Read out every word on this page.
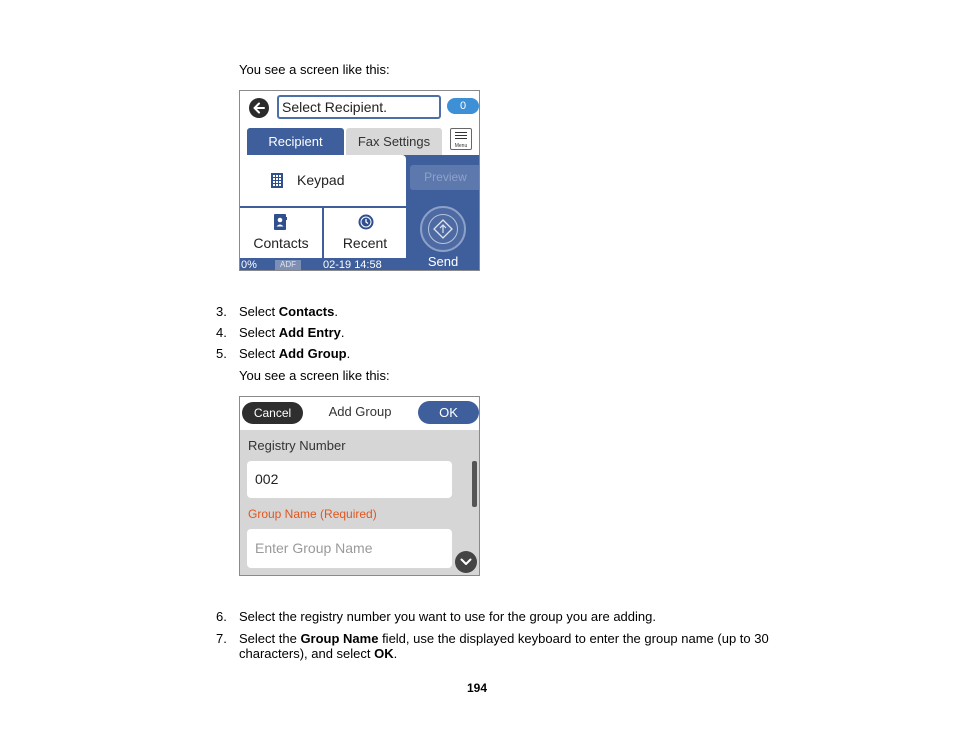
You see a screen like this:
Select Recipient.	0
Recipient	Fax Settings	Menu
Keypad
Contacts	Recent
0%	ADF	02-19 14:58
Preview
Send
3. Select Contacts.
4. Select Add Entry.
5. Select Add Group.
You see a screen like this:
Cancel	Add Group	OK
Registry Number
002
Group Name (Required)
Enter Group Name
6. Select the registry number you want to use for the group you are adding.
7. Select the Group Name field, use the displayed keyboard to enter the group name (up to 30
characters), and select OK.
194
